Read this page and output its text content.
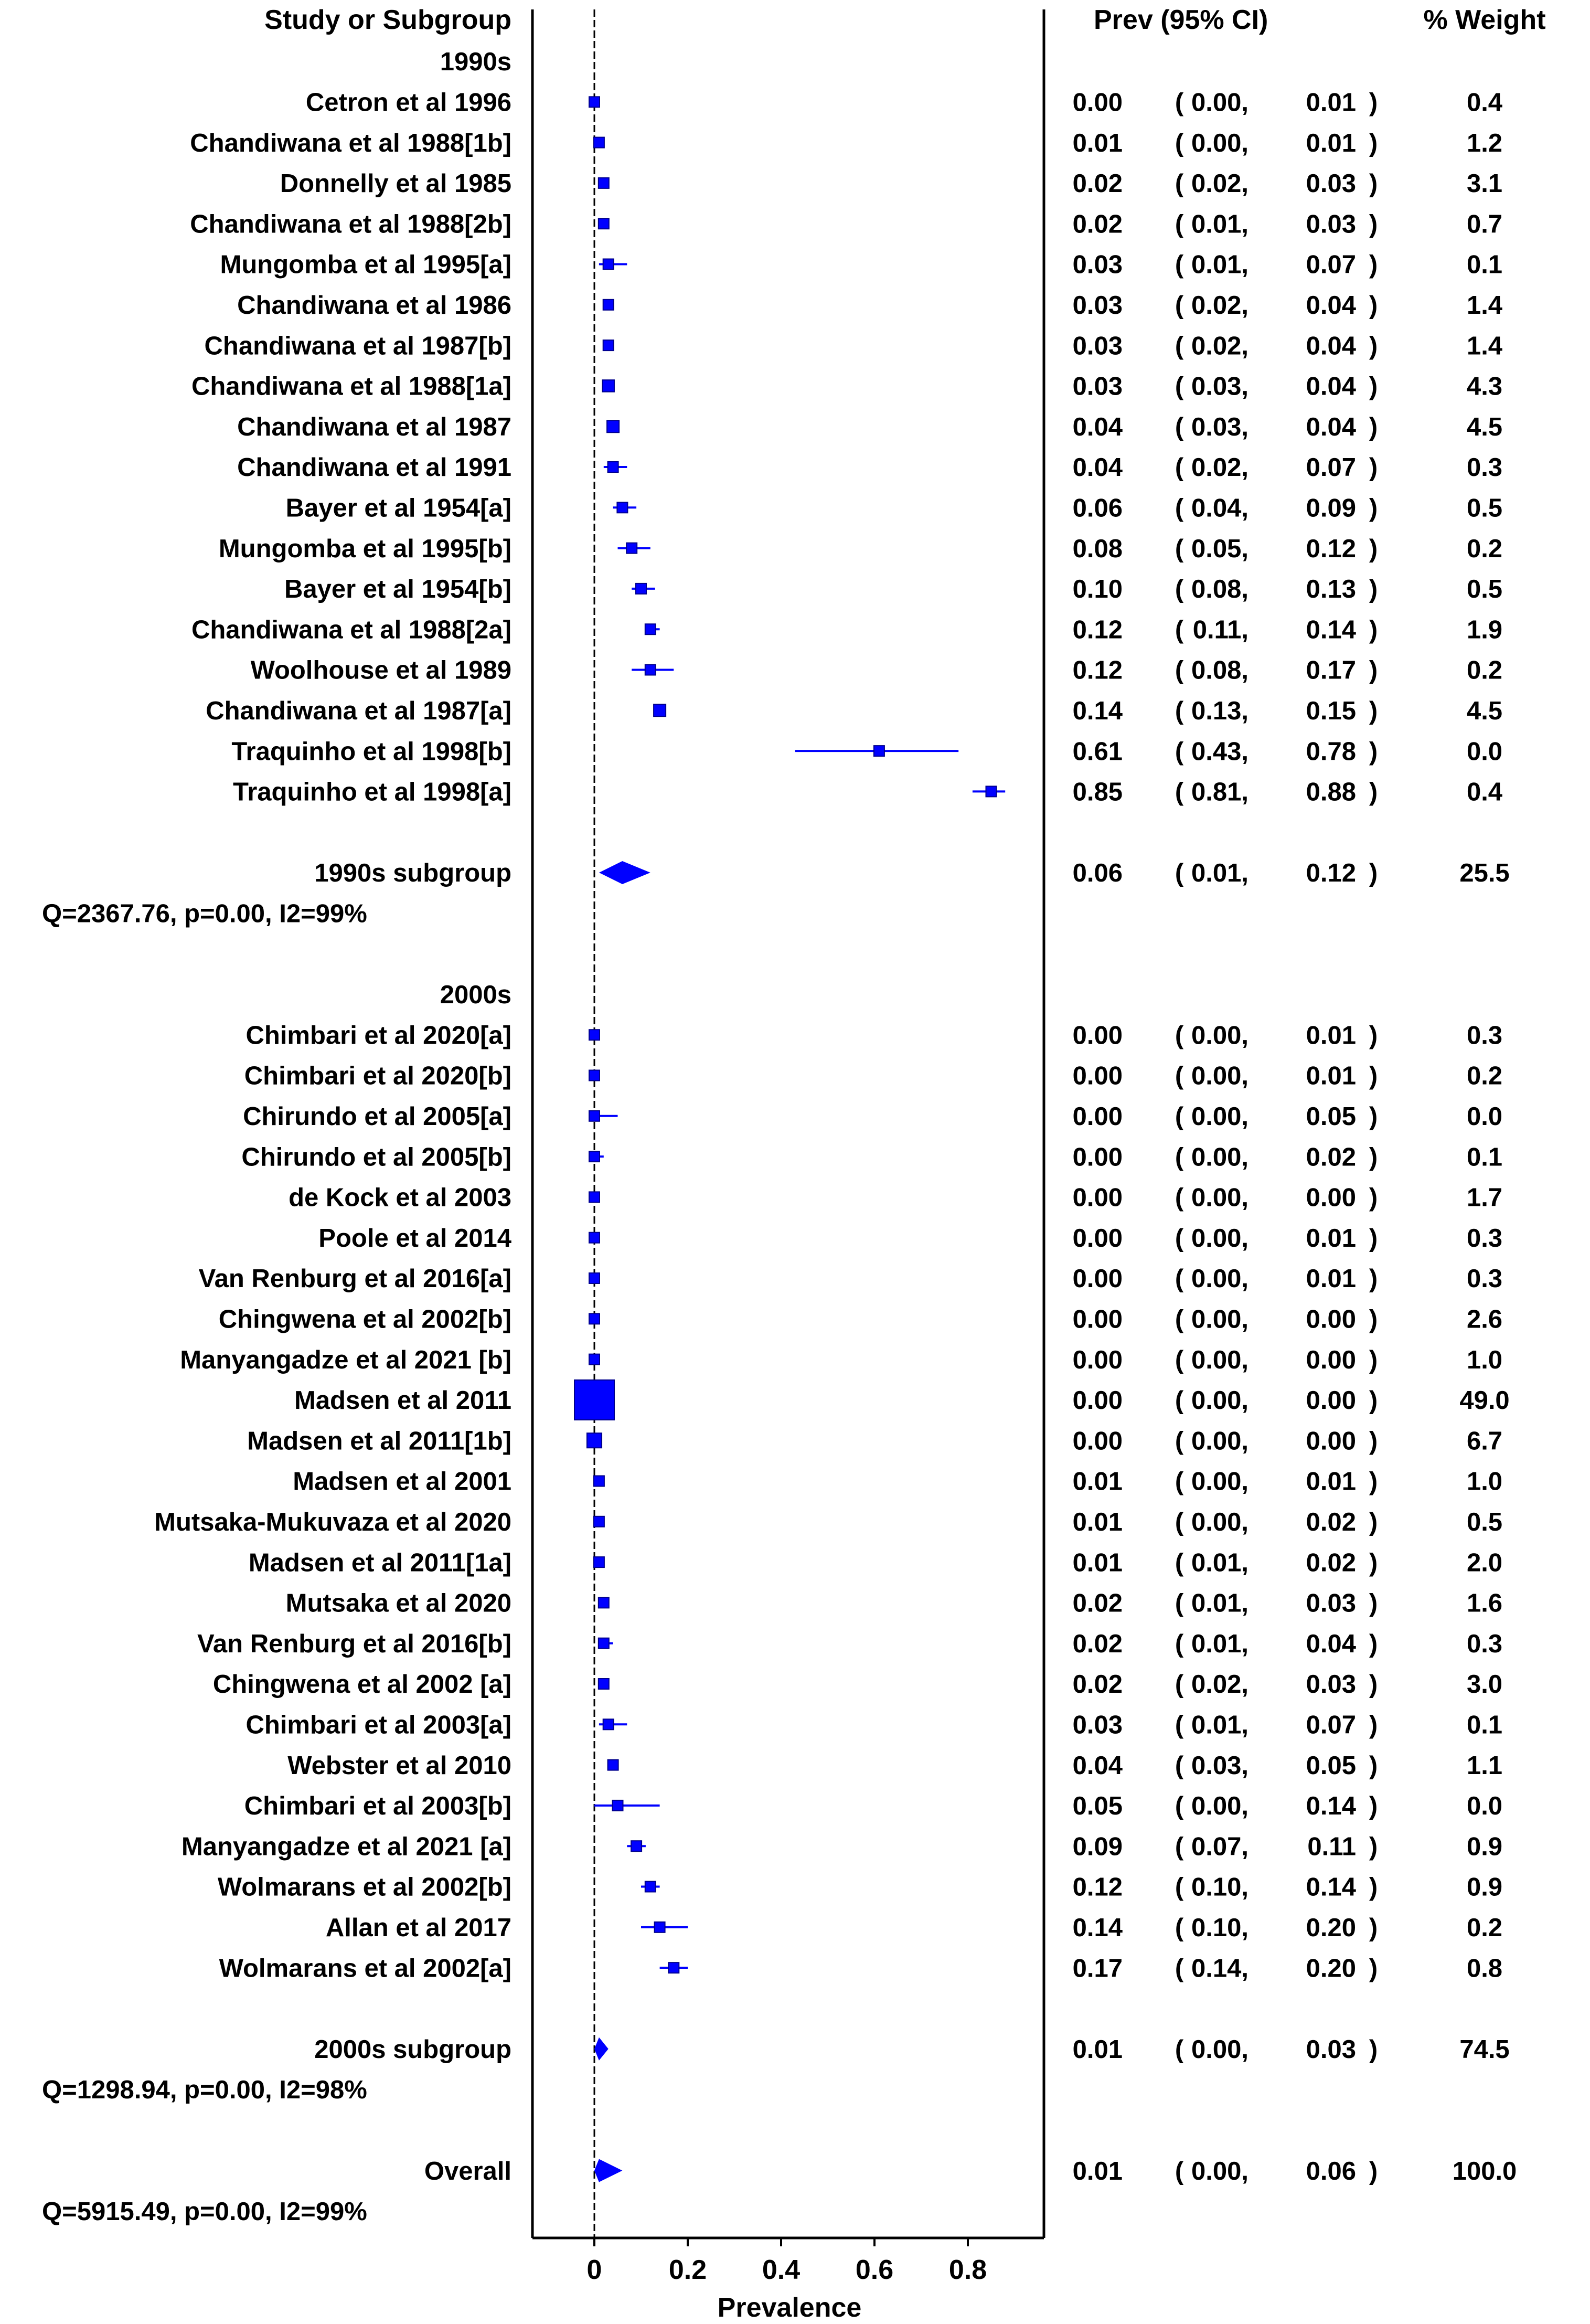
Study or Subgroup	Prev (95% CI)	% Weight
1990s
Cetron et al 1996	0.00 ( 0.00, 0.01 )	0.4
Chandiwana et al 1988[1b]	0.01 ( 0.00, 0.01 )	1.2
Donnelly et al 1985	0.02 ( 0.02, 0.03 )	3.1
Chandiwana et al 1988[2b]	0.02 ( 0.01, 0.03 )	0.7
Mungomba et al 1995[a]	0.03 ( 0.01, 0.07 )	0.1
Chandiwana et al 1986	0.03 ( 0.02, 0.04 )	1.4
Chandiwana et al 1987[b]	0.03 ( 0.02, 0.04 )	1.4
Chandiwana et al 1988[1a]	0.03 ( 0.03, 0.04 )	4.3
Chandiwana et al 1987	0.04 ( 0.03, 0.04 )	4.5
Chandiwana et al 1991	0.04 ( 0.02, 0.07 )	0.3
Bayer et al 1954[a]	0.06 ( 0.04, 0.09 )	0.5
Mungomba et al 1995[b]	0.08 ( 0.05, 0.12 )	0.2
Bayer et al 1954[b]	0.10 ( 0.08, 0.13 )	0.5
Chandiwana et al 1988[2a]	0.12 ( 0.11, 0.14 )	1.9
Woolhouse et al 1989	0.12 ( 0.08, 0.17 )	0.2
Chandiwana et al 1987[a]	0.14 ( 0.13, 0.15 )	4.5
Traquinho et al 1998[b]	0.61 ( 0.43, 0.78 )	0.0
Traquinho et al 1998[a]	0.85 ( 0.81, 0.88 )	0.4
1990s subgroup	0.06 ( 0.01, 0.12 )	25.5
Q=2367.76, p=0.00, I2=99%
2000s
Chimbari et al 2020[a]	0.00 ( 0.00, 0.01 )	0.3
Chimbari et al 2020[b]	0.00 ( 0.00, 0.01 )	0.2
Chirundo et al 2005[a]	0.00 ( 0.00, 0.05 )	0.0
Chirundo et al 2005[b]	0.00 ( 0.00, 0.02 )	0.1
de Kock et al 2003	0.00 ( 0.00, 0.00 )	1.7
Poole et al 2014	0.00 ( 0.00, 0.01 )	0.3
Van Renburg et al 2016[a]	0.00 ( 0.00, 0.01 )	0.3
Chingwena et al 2002[b]	0.00 ( 0.00, 0.00 )	2.6
Manyangadze et al 2021 [b]	0.00 ( 0.00, 0.00 )	1.0
Madsen et al 2011	0.00 ( 0.00, 0.00 )	49.0
Madsen et al 2011[1b]	0.00 ( 0.00, 0.00 )	6.7
Madsen et al 2001	0.01 ( 0.00, 0.01 )	1.0
Mutsaka-Mukuvaza et al 2020	0.01 ( 0.00, 0.02 )	0.5
Madsen et al 2011[1a]	0.01 ( 0.01, 0.02 )	2.0
Mutsaka et al 2020	0.02 ( 0.01, 0.03 )	1.6
Van Renburg et al 2016[b]	0.02 ( 0.01, 0.04 )	0.3
Chingwena et al 2002 [a]	0.02 ( 0.02, 0.03 )	3.0
Chimbari et al 2003[a]	0.03 ( 0.01, 0.07 )	0.1
Webster et al 2010	0.04 ( 0.03, 0.05 )	1.1
Chimbari et al 2003[b]	0.05 ( 0.00, 0.14 )	0.0
Manyangadze et al 2021 [a]	0.09 ( 0.07, 0.11 )	0.9
Wolmarans et al 2002[b]	0.12 ( 0.10, 0.14 )	0.9
Allan et al 2017	0.14 ( 0.10, 0.20 )	0.2
Wolmarans et al 2002[a]	0.17 ( 0.14, 0.20 )	0.8
2000s subgroup	0.01 ( 0.00, 0.03 )	74.5
Q=1298.94, p=0.00, I2=98%
Overall	0.01 ( 0.00, 0.06 )	100.0
Q=5915.49, p=0.00, I2=99%
0 0.2 0.4 0.6 0.8
Prevalence
